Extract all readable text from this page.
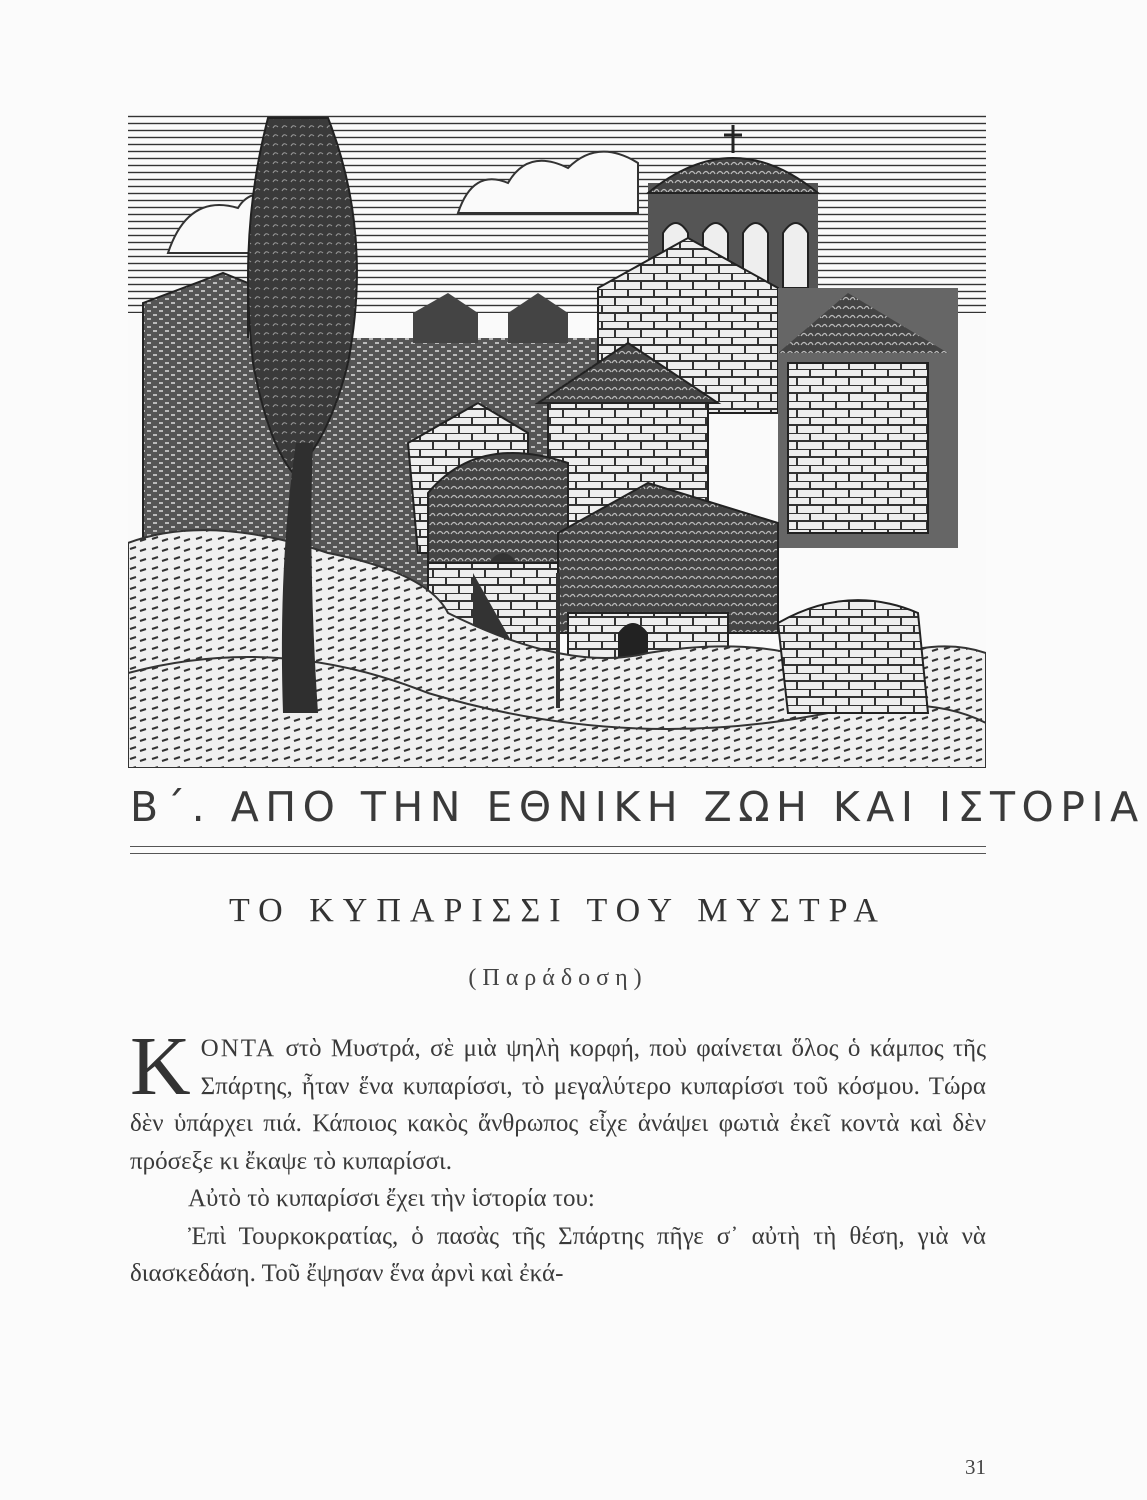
Β΄. ΑΠΟ ΤΗΝ ΕΘΝΙΚΗ ΖΩΗ ΚΑΙ ΙΣΤΟΡΙΑ
ΤΟ ΚΥΠΑΡΙΣΣΙ ΤΟΥ ΜΥΣΤΡΑ
(Παράδοση)

ΚΟΝΤΑ στὸ Μυστρά, σὲ μιὰ ψηλὴ κορφή, ποὺ φαίνεται ὅλος ὁ κάμπος τῆς Σπάρτης, ἦταν ἕνα κυπαρίσσι, τὸ μεγαλύτερο κυπαρίσσι τοῦ κόσμου. Τώρα δὲν ὑπάρχει πιά. Κάποιος κακὸς ἄνθρωπος εἶχε ἀνάψει φωτιὰ ἐκεῖ κοντὰ καὶ δὲν πρόσεξε κι ἔκαψε τὸ κυπαρίσσι.

Αὐτὸ τὸ κυπαρίσσι ἔχει τὴν ἱστορία του:

Ἐπὶ Τουρκοκρατίας, ὁ πασὰς τῆς Σπάρτης πῆγε σ᾿ αὐτὴ τὴ θέση, γιὰ νὰ διασκεδάση. Τοῦ ἔψησαν ἕνα ἀρνὶ καὶ ἐκά-

31
